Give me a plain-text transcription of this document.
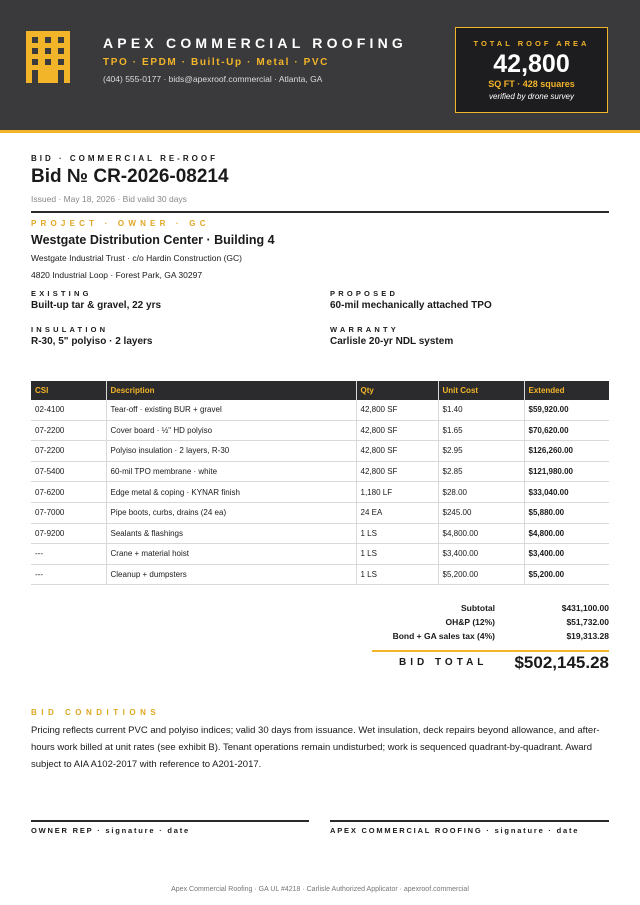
APEX COMMERCIAL ROOFING
TPO · EPDM · Built-Up · Metal · PVC
(404) 555-0177 · bids@apexroof.commercial · Atlanta, GA
TOTAL ROOF AREA
42,800
SQ FT · 428 squares
verified by drone survey
BID · COMMERCIAL RE-ROOF
Bid № CR-2026-08214
Issued · May 18, 2026 · Bid valid 30 days
PROJECT · OWNER · GC
Westgate Distribution Center · Building 4
Westgate Industrial Trust · c/o Hardin Construction (GC)
4820 Industrial Loop · Forest Park, GA 30297
EXISTING
Built-up tar & gravel, 22 yrs
PROPOSED
60-mil mechanically attached TPO
INSULATION
R-30, 5" polyiso · 2 layers
WARRANTY
Carlisle 20-yr NDL system
CSI	Description	Qty	Unit Cost	Extended
02-4100	Tear-off · existing BUR + gravel	42,800 SF	$1.40	$59,920.00
07-2200	Cover board · ½" HD polyiso	42,800 SF	$1.65	$70,620.00
07-2200	Polyiso insulation · 2 layers, R-30	42,800 SF	$2.95	$126,260.00
07-5400	60-mil TPO membrane · white	42,800 SF	$2.85	$121,980.00
07-6200	Edge metal & coping · KYNAR finish	1,180 LF	$28.00	$33,040.00
07-7000	Pipe boots, curbs, drains (24 ea)	24 EA	$245.00	$5,880.00
07-9200	Sealants & flashings	1 LS	$4,800.00	$4,800.00
---	Crane + material hoist	1 LS	$3,400.00	$3,400.00
---	Cleanup + dumpsters	1 LS	$5,200.00	$5,200.00
Subtotal	$431,100.00
OH&P (12%)	$51,732.00
Bond + GA sales tax (4%)	$19,313.28
BID TOTAL $502,145.28
BID CONDITIONS
Pricing reflects current PVC and polyiso indices; valid 30 days from issuance. Wet insulation, deck repairs beyond allowance, and after-hours work billed at unit rates (see exhibit B). Tenant operations remain undisturbed; work is sequenced quadrant-by-quadrant. Award subject to AIA A102-2017 with reference to A201-2017.
OWNER REP · signature · date	APEX COMMERCIAL ROOFING · signature · date
Apex Commercial Roofing · GA UL #4218 · Carlisle Authorized Applicator · apexroof.commercial
